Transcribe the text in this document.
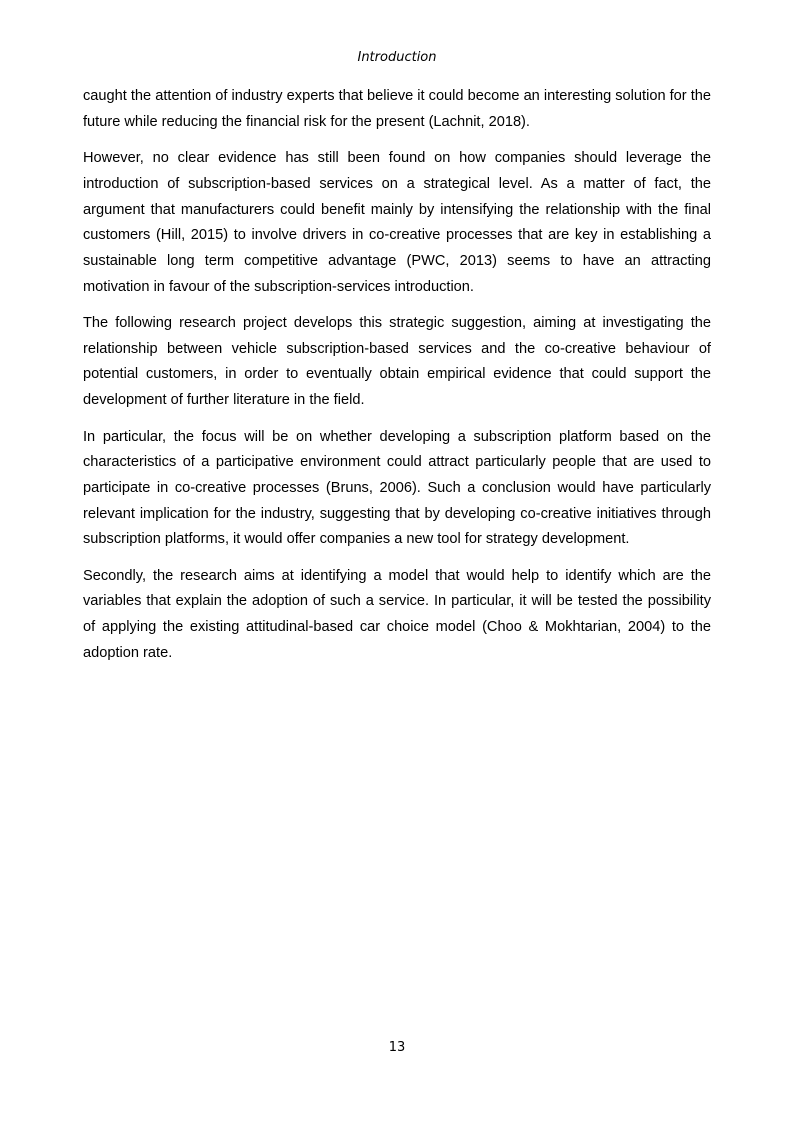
Introduction

caught the attention of industry experts that believe it could become an interesting solution for the future while reducing the financial risk for the present (Lachnit, 2018).

However, no clear evidence has still been found on how companies should leverage the introduction of subscription-based services on a strategical level. As a matter of fact, the argument that manufacturers could benefit mainly by intensifying the relationship with the final customers (Hill, 2015) to involve drivers in co-creative processes that are key in establishing a sustainable long term competitive advantage (PWC, 2013) seems to have an attracting motivation in favour of the subscription-services introduction.

The following research project develops this strategic suggestion, aiming at investigating the relationship between vehicle subscription-based services and the co-creative behaviour of potential customers, in order to eventually obtain empirical evidence that could support the development of further literature in the field.

In particular, the focus will be on whether developing a subscription platform based on the characteristics of a participative environment could attract particularly people that are used to participate in co-creative processes (Bruns, 2006). Such a conclusion would have particularly relevant implication for the industry, suggesting that by developing co-creative initiatives through subscription platforms, it would offer companies a new tool for strategy development.

Secondly, the research aims at identifying a model that would help to identify which are the variables that explain the adoption of such a service. In particular, it will be tested the possibility of applying the existing attitudinal-based car choice model (Choo & Mokhtarian, 2004) to the adoption rate.

13
